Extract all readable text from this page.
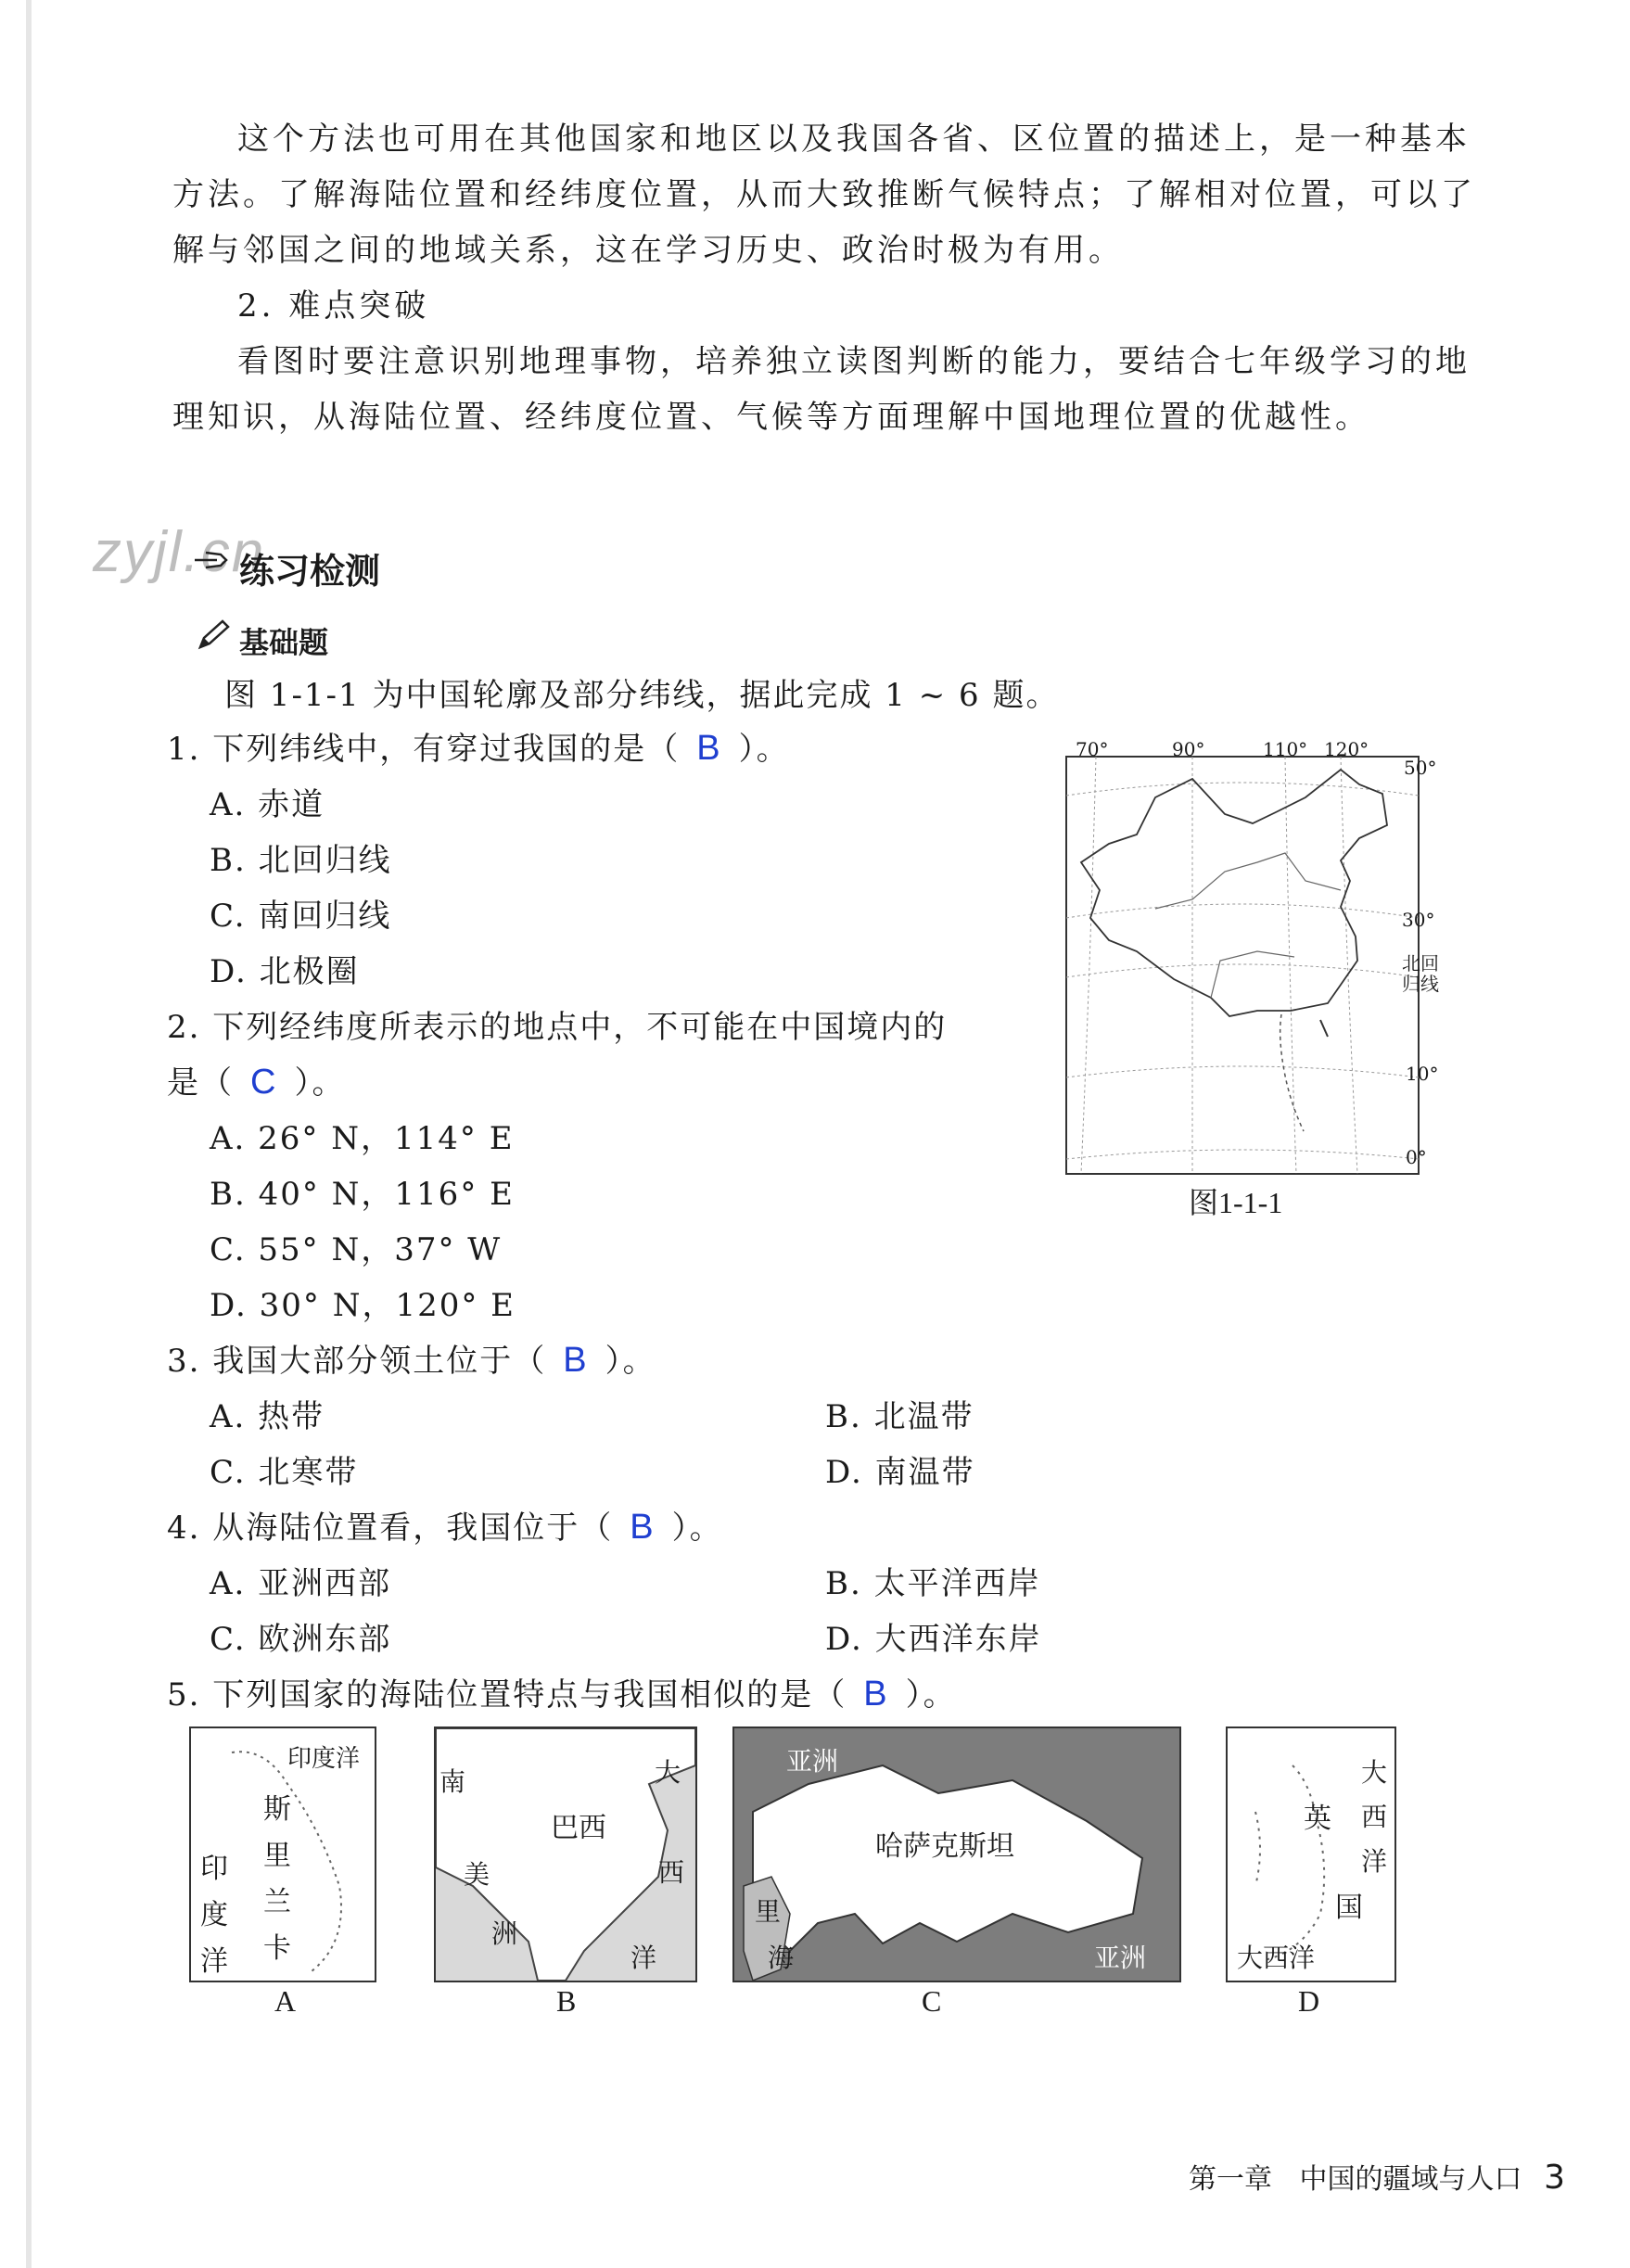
这个方法也可用在其他国家和地区以及我国各省、区位置的描述上，是一种基本方法。了解海陆位置和经纬度位置，从而大致推断气候特点；了解相对位置，可以了解与邻国之间的地域关系，这在学习历史、政治时极为有用。
2. 难点突破
看图时要注意识别地理事物，培养独立读图判断的能力，要结合七年级学习的地理知识，从海陆位置、经纬度位置、气候等方面理解中国地理位置的优越性。
zyjl.cn
练习检测
基础题
图 1-1-1 为中国轮廓及部分纬线，据此完成 1 ~ 6 题。
1. 下列纬线中，有穿过我国的是（ B ）。
A. 赤道
B. 北回归线
C. 南回归线
D. 北极圈
2. 下列经纬度所表示的地点中，不可能在中国境内的
是（ C ）。
A. 26° N，114° E
B. 40° N，116° E
C. 55° N，37° W
D. 30° N，120° E
3. 我国大部分领土位于（ B ）。
A. 热带	B. 北温带
C. 北寒带	D. 南温带
4. 从海陆位置看，我国位于（ B ）。
A. 亚洲西部	B. 太平洋西岸
C. 欧洲东部	D. 大西洋东岸
5. 下列国家的海陆位置特点与我国相似的是（ B ）。
70°	90°	110° 120°
50°
30°
北回归线
10°
0°
图1-1-1
印度洋
斯
里
兰
卡
印
度
洋
A
南
美
洲
巴西
大
西
洋
B
亚洲
哈萨克斯坦
里
海	亚洲
C
大
西
洋
英
国
大西洋
D
第一章 中国的疆域与人口 3
